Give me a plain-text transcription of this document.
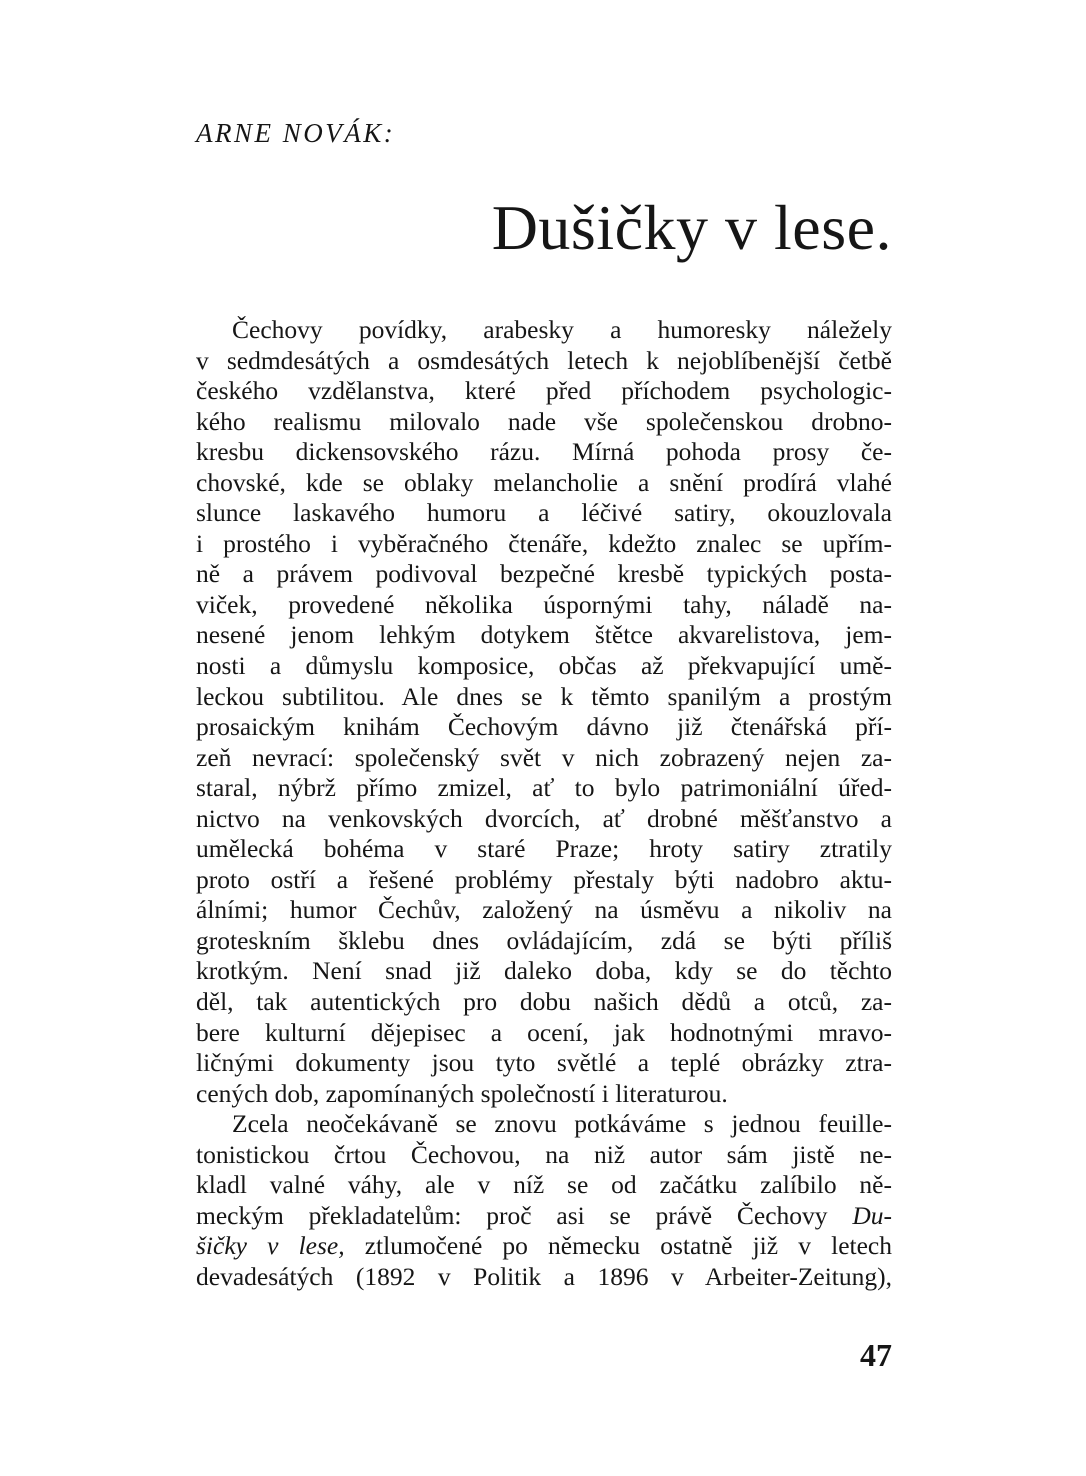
ARNE NOVÁK:
Dušičky v lese.
Čechovy povídky, arabesky a humoresky náležely
v sedmdesátých a osmdesátých letech k nejoblíbenější četbě
českého vzdělanstva, které před příchodem psychologic-
kého realismu milovalo nade vše společenskou drobno-
kresbu dickensovského rázu. Mírná pohoda prosy če-
chovské, kde se oblaky melancholie a snění prodírá vlahé
slunce laskavého humoru a léčivé satiry, okouzlovala
i prostého i vyběračného čtenáře, kdežto znalec se upřím-
ně a právem podivoval bezpečné kresbě typických posta-
viček, provedené několika úspornými tahy, náladě na-
nesené jenom lehkým dotykem štětce akvarelistova, jem-
nosti a důmyslu komposice, občas až překvapující umě-
leckou subtilitou. Ale dnes se k těmto spanilým a prostým
prosaickým knihám Čechovým dávno již čtenářská pří-
zeň nevrací: společenský svět v nich zobrazený nejen za-
staral, nýbrž přímo zmizel, ať to bylo patrimoniální úřed-
nictvo na venkovských dvorcích, ať drobné měšťanstvo a
umělecká bohéma v staré Praze; hroty satiry ztratily
proto ostří a řešené problémy přestaly býti nadobro aktu-
álními; humor Čechův, založený na úsměvu a nikoliv na
groteskním šklebu dnes ovládajícím, zdá se býti příliš
krotkým. Není snad již daleko doba, kdy se do těchto
děl, tak autentických pro dobu našich dědů a otců, za-
bere kulturní dějepisec a ocení, jak hodnotnými mravo-
ličnými dokumenty jsou tyto světlé a teplé obrázky ztra-
cených dob, zapomínaných společností i literaturou.
Zcela neočekávaně se znovu potkáváme s jednou feuille-
tonistickou črtou Čechovou, na niž autor sám jistě ne-
kladl valné váhy, ale v níž se od začátku zalíbilo ně-
meckým překladatelům: proč asi se právě Čechovy Du-
šičky v lese, ztlumočené po německu ostatně již v letech
devadesátých (1892 v Politik a 1896 v Arbeiter-Zeitung),
47
